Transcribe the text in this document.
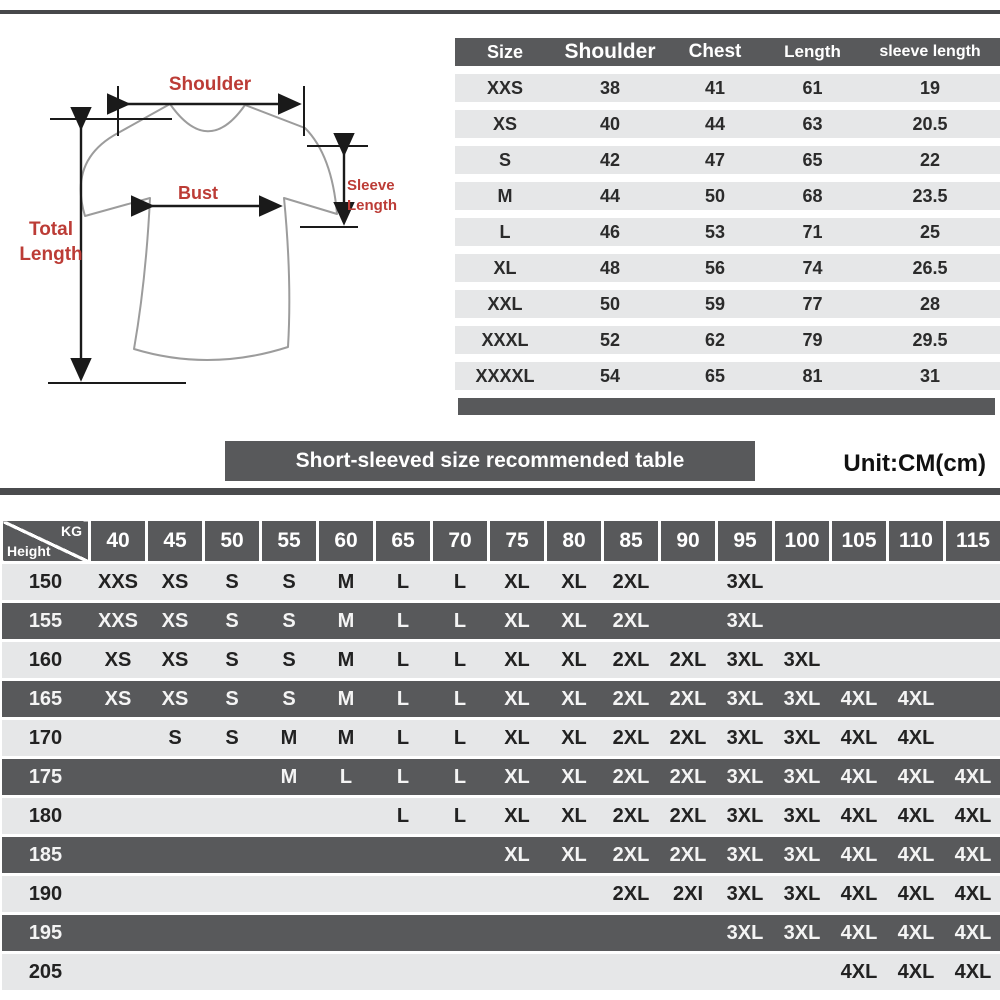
Shoulder
Bust	Sleeve Length
Total Length
Size	Shoulder	Chest	Length	sleeve length
XXS	38	41	61	19
XS	40	44	63	20.5
S	42	47	65	22
M	44	50	68	23.5
L	46	53	71	25
XL	48	56	74	26.5
XXL	50	59	77	28
XXXL	52	62	79	29.5
XXXXL	54	65	81	31
Short-sleeved size recommended table	Unit:CM(cm)
KG
Height	40	45	50	55	60	65	70	75	80	85	90	95	100	105	110	115
150	XXS	XS	S	S	M	L	L	XL	XL	2XL		3XL				
155	XXS	XS	S	S	M	L	L	XL	XL	2XL		3XL				
160	XS	XS	S	S	M	L	L	XL	XL	2XL	2XL	3XL	3XL			
165	XS	XS	S	S	M	L	L	XL	XL	2XL	2XL	3XL	3XL	4XL	4XL	
170		S	S	M	M	L	L	XL	XL	2XL	2XL	3XL	3XL	4XL	4XL	
175				M	L	L	L	XL	XL	2XL	2XL	3XL	3XL	4XL	4XL	4XL
180						L	L	XL	XL	2XL	2XL	3XL	3XL	4XL	4XL	4XL
185								XL	XL	2XL	2XL	3XL	3XL	4XL	4XL	4XL
190										2XL	2XI	3XL	3XL	4XL	4XL	4XL
195												3XL	3XL	4XL	4XL	4XL
205														4XL	4XL	4XL
